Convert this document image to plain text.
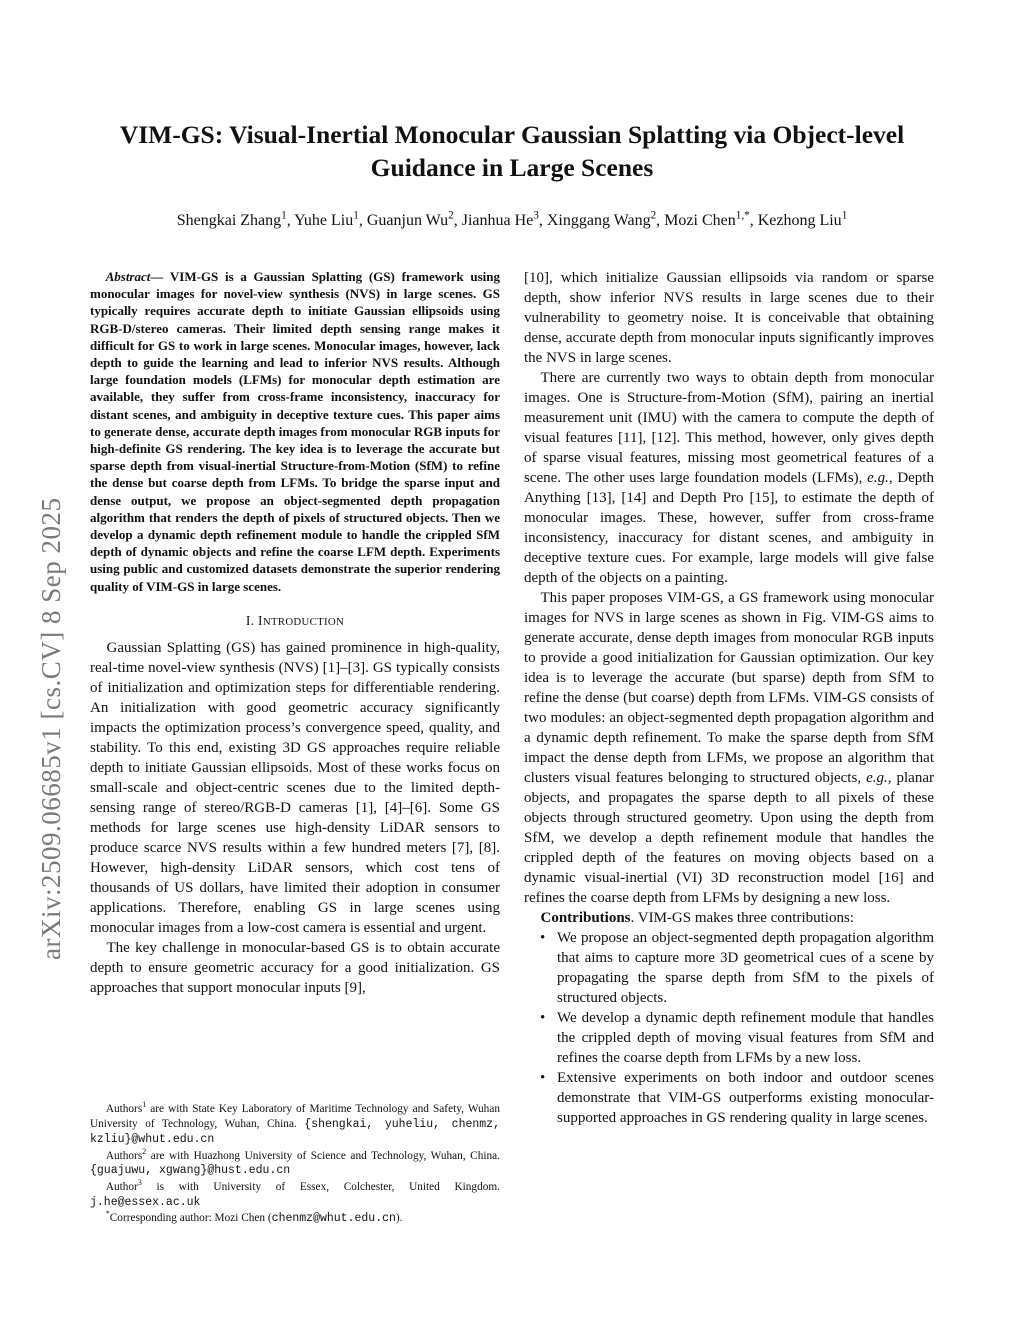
arXiv:2509.06685v1 [cs.CV] 8 Sep 2025
VIM-GS: Visual-Inertial Monocular Gaussian Splatting via Object-level
Guidance in Large Scenes
Shengkai Zhang$^1$, Yuhe Liu$^1$, Guanjun Wu$^2$, Jianhua He$^3$, Xinggang Wang$^2$, Mozi Chen$^{1,*}$, Kezhong Liu$^1$

Abstract— VIM-GS is a Gaussian Splatting (GS) framework using monocular images for novel-view synthesis (NVS) in large scenes. GS typically requires accurate depth to initiate Gaussian ellipsoids using RGB-D/stereo cameras. Their limited depth sensing range makes it difficult for GS to work in large scenes. Monocular images, however, lack depth to guide the learning and lead to inferior NVS results. Although large foundation models (LFMs) for monocular depth estimation are available, they suffer from cross-frame inconsistency, inaccuracy for distant scenes, and ambiguity in deceptive texture cues. This paper aims to generate dense, accurate depth images from monocular RGB inputs for high-definite GS rendering. The key idea is to leverage the accurate but sparse depth from visual-inertial Structure-from-Motion (SfM) to refine the dense but coarse depth from LFMs. To bridge the sparse input and dense output, we propose an object-segmented depth propagation algorithm that renders the depth of pixels of structured objects. Then we develop a dynamic depth refinement module to handle the crippled SfM depth of dynamic objects and refine the coarse LFM depth. Experiments using public and customized datasets demonstrate the superior rendering quality of VIM-GS in large scenes.

I. INTRODUCTION

Gaussian Splatting (GS) has gained prominence in high-quality, real-time novel-view synthesis (NVS) [1]–[3]. GS typically consists of initialization and optimization steps for differentiable rendering. An initialization with good geometric accuracy significantly impacts the optimization process’s convergence speed, quality, and stability. To this end, existing 3D GS approaches require reliable depth to initiate Gaussian ellipsoids. Most of these works focus on small-scale and object-centric scenes due to the limited depth-sensing range of stereo/RGB-D cameras [1], [4]–[6]. Some GS methods for large scenes use high-density LiDAR sensors to produce scarce NVS results within a few hundred meters [7], [8]. However, high-density LiDAR sensors, which cost tens of thousands of US dollars, have limited their adoption in consumer applications. Therefore, enabling GS in large scenes using monocular images from a low-cost camera is essential and urgent.

The key challenge in monocular-based GS is to obtain accurate depth to ensure geometric accuracy for a good initialization. GS approaches that support monocular inputs [9],

[10], which initialize Gaussian ellipsoids via random or sparse depth, show inferior NVS results in large scenes due to their vulnerability to geometry noise. It is conceivable that obtaining dense, accurate depth from monocular inputs significantly improves the NVS in large scenes.

There are currently two ways to obtain depth from monocular images. One is Structure-from-Motion (SfM), pairing an inertial measurement unit (IMU) with the camera to compute the depth of visual features [11], [12]. This method, however, only gives depth of sparse visual features, missing most geometrical features of a scene. The other uses large foundation models (LFMs), e.g., Depth Anything [13], [14] and Depth Pro [15], to estimate the depth of monocular images. These, however, suffer from cross-frame inconsistency, inaccuracy for distant scenes, and ambiguity in deceptive texture cues. For example, large models will give false depth of the objects on a painting.

This paper proposes VIM-GS, a GS framework using monocular images for NVS in large scenes as shown in Fig. VIM-GS aims to generate accurate, dense depth images from monocular RGB inputs to provide a good initialization for Gaussian optimization. Our key idea is to leverage the accurate (but sparse) depth from SfM to refine the dense (but coarse) depth from LFMs. VIM-GS consists of two modules: an object-segmented depth propagation algorithm and a dynamic depth refinement. To make the sparse depth from SfM impact the dense depth from LFMs, we propose an algorithm that clusters visual features belonging to structured objects, e.g., planar objects, and propagates the sparse depth to all pixels of these objects through structured geometry. Upon using the depth from SfM, we develop a depth refinement module that handles the crippled depth of the features on moving objects based on a dynamic visual-inertial (VI) 3D reconstruction model [16] and refines the coarse depth from LFMs by designing a new loss.

Contributions. VIM-GS makes three contributions:

• We propose an object-segmented depth propagation algorithm that aims to capture more 3D geometrical cues of a scene by propagating the sparse depth from SfM to the pixels of structured objects.
• We develop a dynamic depth refinement module that handles the crippled depth of moving visual features from SfM and refines the coarse depth from LFMs by a new loss.
• Extensive experiments on both indoor and outdoor scenes demonstrate that VIM-GS outperforms existing monocular-supported approaches in GS rendering quality in large scenes.

Authors$^1$ are with State Key Laboratory of Maritime Technology and Safety, Wuhan University of Technology, Wuhan, China. {shengkai, yuheliu, chenmz, kzliu}@whut.edu.cn

Authors$^2$ are with Huazhong University of Science and Technology, Wuhan, China. {guajuwu, xgwang}@hust.edu.cn

Author$^3$ is with University of Essex, Colchester, United Kingdom. j.he@essex.ac.uk

*Corresponding author: Mozi Chen (chenmz@whut.edu.cn).
